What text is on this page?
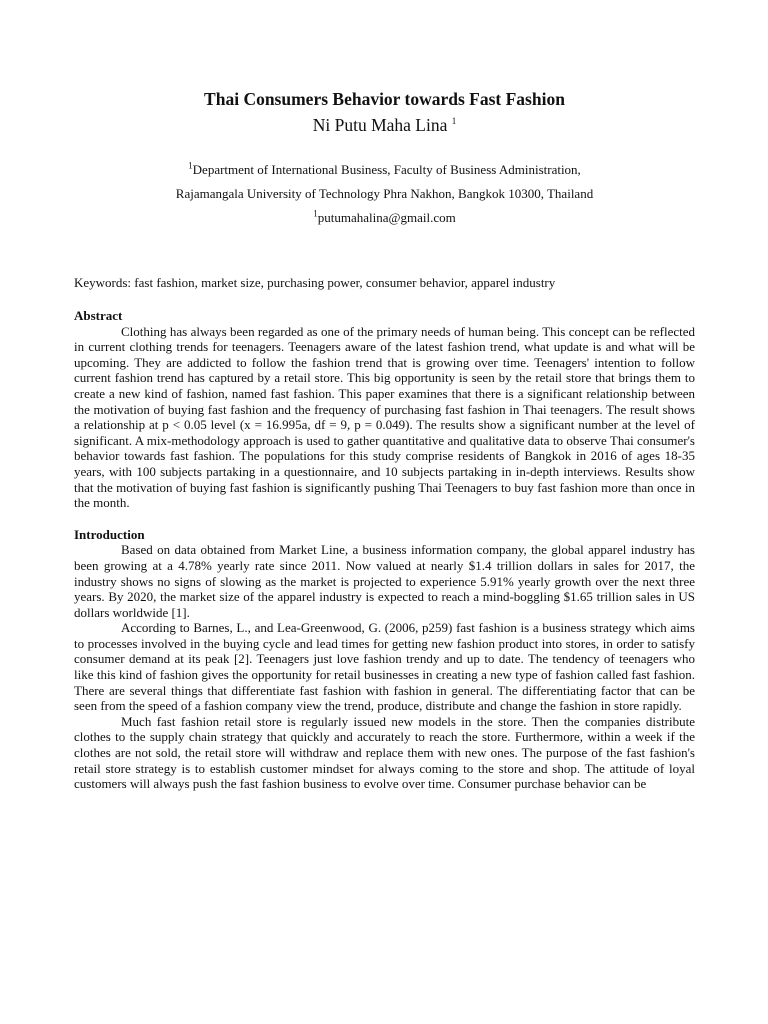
Thai Consumers Behavior towards Fast Fashion

Ni Putu Maha Lina $^1$

$^1$Department of International Business, Faculty of Business Administration,

Rajamangala University of Technology Phra Nakhon, Bangkok 10300, Thailand

$^1$putumahalina@gmail.com

Keywords: fast fashion, market size, purchasing power, consumer behavior, apparel industry
Abstract

Clothing has always been regarded as one of the primary needs of human being. This concept can be reflected in current clothing trends for teenagers. Teenagers aware of the latest fashion trend, what update is and what will be upcoming. They are addicted to follow the fashion trend that is growing over time. Teenagers' intention to follow current fashion trend has captured by a retail store. This big opportunity is seen by the retail store that brings them to create a new kind of fashion, named fast fashion. This paper examines that there is a significant relationship between the motivation of buying fast fashion and the frequency of purchasing fast fashion in Thai teenagers. The result shows a relationship at p < 0.05 level (x = 16.995a, df = 9, p = 0.049). The results show a significant number at the level of significant. A mix-methodology approach is used to gather quantitative and qualitative data to observe Thai consumer's behavior towards fast fashion. The populations for this study comprise residents of Bangkok in 2016 of ages 18-35 years, with 100 subjects partaking in a questionnaire, and 10 subjects partaking in in-depth interviews. Results show that the motivation of buying fast fashion is significantly pushing Thai Teenagers to buy fast fashion more than once in the month.

Introduction

Based on data obtained from Market Line, a business information company, the global apparel industry has been growing at a 4.78% yearly rate since 2011. Now valued at nearly $1.4 trillion dollars in sales for 2017, the industry shows no signs of slowing as the market is projected to experience 5.91% yearly growth over the next three years. By 2020, the market size of the apparel industry is expected to reach a mind-boggling $1.65 trillion sales in US dollars worldwide [1].

According to Barnes, L., and Lea-Greenwood, G. (2006, p259) fast fashion is a business strategy which aims to processes involved in the buying cycle and lead times for getting new fashion product into stores, in order to satisfy consumer demand at its peak [2]. Teenagers just love fashion trendy and up to date. The tendency of teenagers who like this kind of fashion gives the opportunity for retail businesses in creating a new type of fashion called fast fashion. There are several things that differentiate fast fashion with fashion in general. The differentiating factor that can be seen from the speed of a fashion company view the trend, produce, distribute and change the fashion in store rapidly.

Much fast fashion retail store is regularly issued new models in the store. Then the companies distribute clothes to the supply chain strategy that quickly and accurately to reach the store. Furthermore, within a week if the clothes are not sold, the retail store will withdraw and replace them with new ones. The purpose of the fast fashion's retail store strategy is to establish customer mindset for always coming to the store and shop. The attitude of loyal customers will always push the fast fashion business to evolve over time. Consumer purchase behavior can be
